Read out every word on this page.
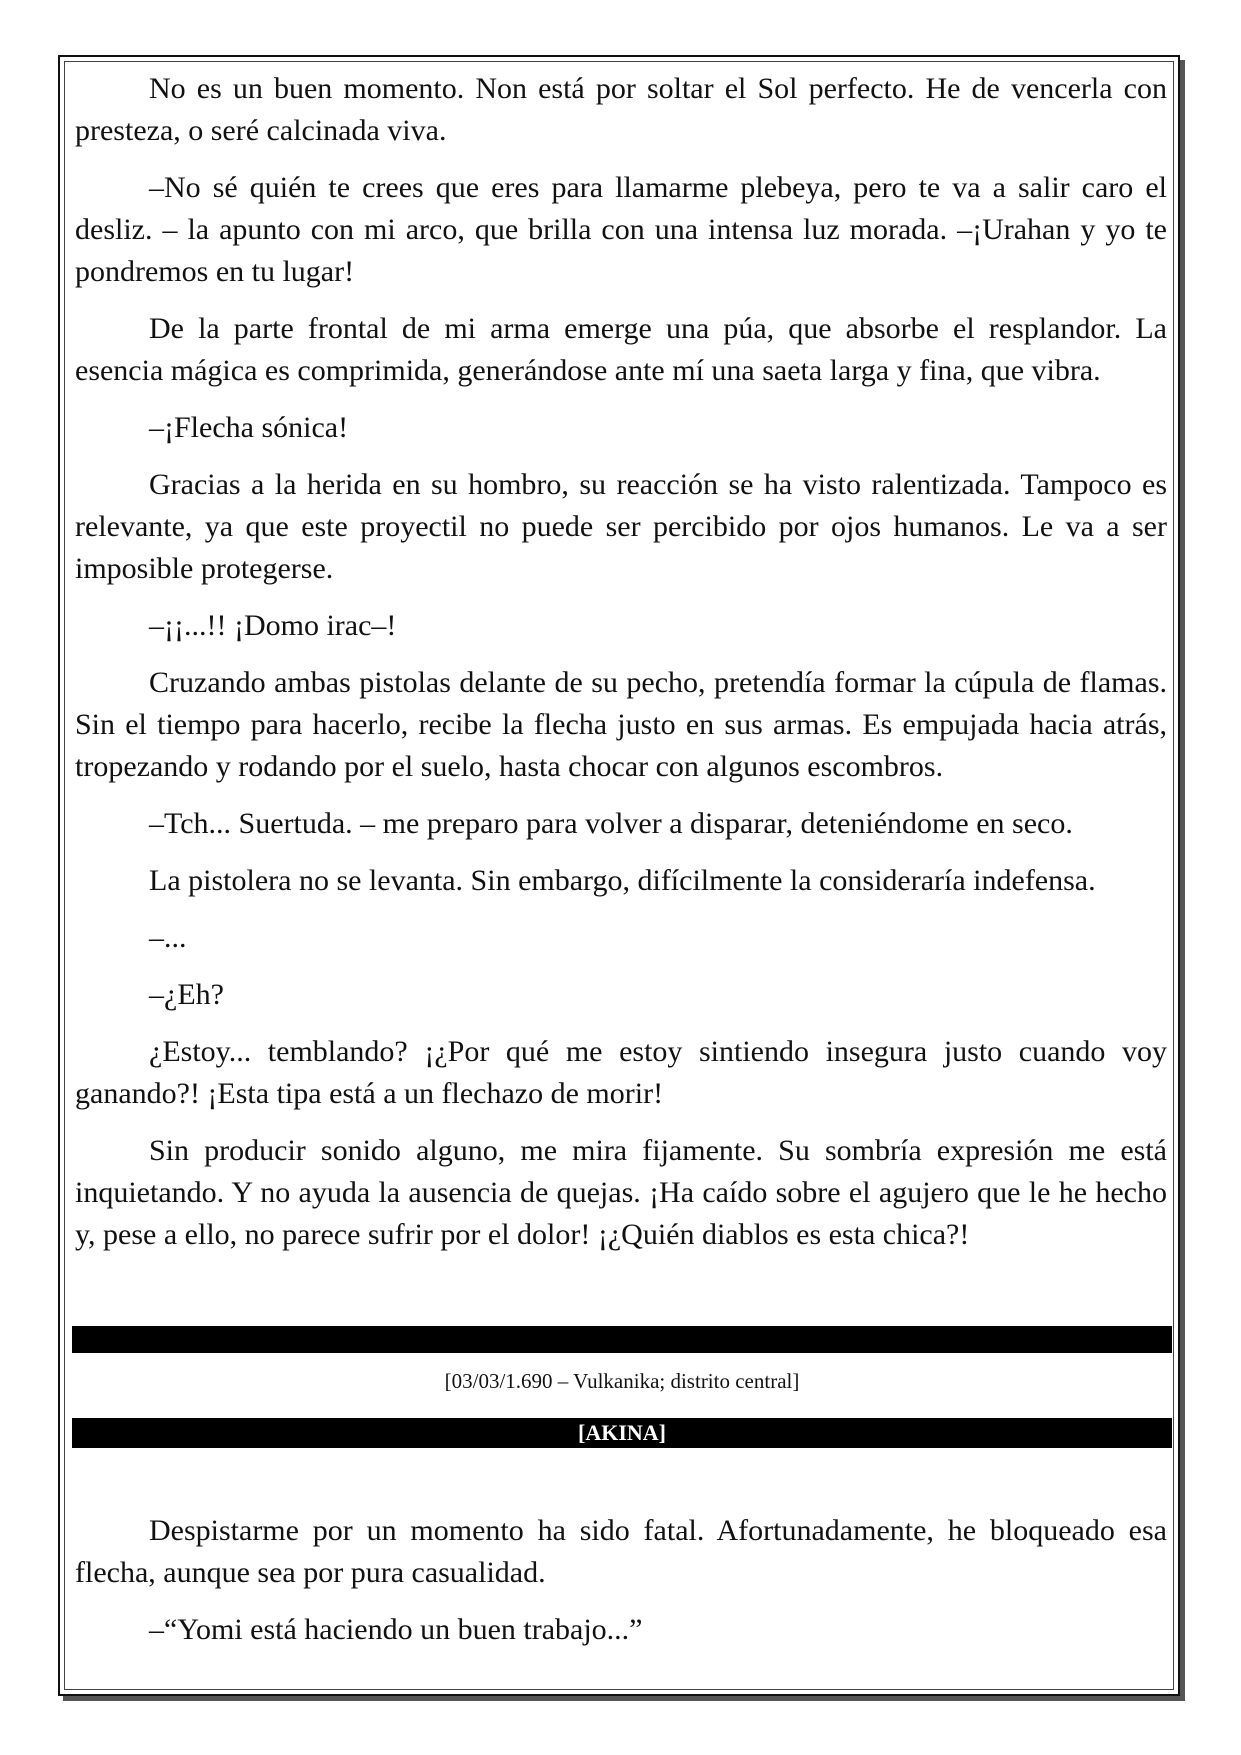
No es un buen momento. Non está por soltar el Sol perfecto. He de vencerla con presteza, o seré calcinada viva.

–No sé quién te crees que eres para llamarme plebeya, pero te va a salir caro el desliz. – la apunto con mi arco, que brilla con una intensa luz morada. –¡Urahan y yo te pondremos en tu lugar!

De la parte frontal de mi arma emerge una púa, que absorbe el resplandor. La esencia mágica es comprimida, generándose ante mí una saeta larga y fina, que vibra.

–¡Flecha sónica!

Gracias a la herida en su hombro, su reacción se ha visto ralentizada. Tampoco es relevante, ya que este proyectil no puede ser percibido por ojos humanos. Le va a ser imposible protegerse.

–¡¡...!! ¡Domo irac–!

Cruzando ambas pistolas delante de su pecho, pretendía formar la cúpula de flamas. Sin el tiempo para hacerlo, recibe la flecha justo en sus armas. Es empujada hacia atrás, tropezando y rodando por el suelo, hasta chocar con algunos escombros.

–Tch... Suertuda. – me preparo para volver a disparar, deteniéndome en seco.

La pistolera no se levanta. Sin embargo, difícilmente la consideraría indefensa.

–...

–¿Eh?

¿Estoy... temblando? ¡¿Por qué me estoy sintiendo insegura justo cuando voy ganando?! ¡Esta tipa está a un flechazo de morir!

Sin producir sonido alguno, me mira fijamente. Su sombría expresión me está inquietando. Y no ayuda la ausencia de quejas. ¡Ha caído sobre el agujero que le he hecho y, pese a ello, no parece sufrir por el dolor! ¡¿Quién diablos es esta chica?!

[03/03/1.690 – Vulkanika; distrito central]
[AKINA]

Despistarme por un momento ha sido fatal. Afortunadamente, he bloqueado esa flecha, aunque sea por pura casualidad.

–“Yomi está haciendo un buen trabajo...”
